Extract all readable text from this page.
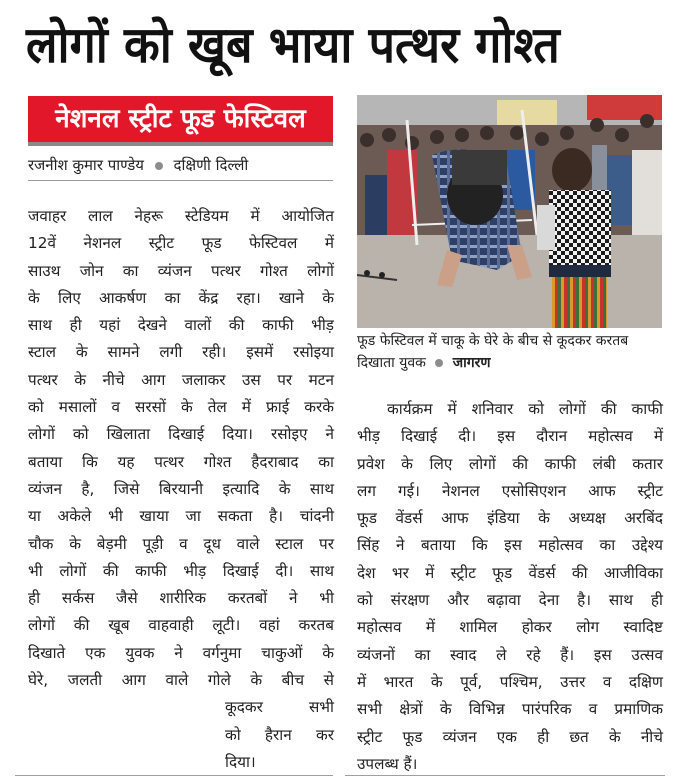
लोगों को खूब भाया पत्थर गोश्त
नेशनल स्ट्रीट फूड फेस्टिवल
रजनीश कुमार पाण्डेय दक्षिणी दिल्ली
जवाहर लाल नेहरू स्टेडियम में आयोजित
12वें नेशनल स्ट्रीट फूड फेस्टिवल में
साउथ जोन का व्यंजन पत्थर गोश्त लोगों
के लिए आकर्षण का केंद्र रहा। खाने के
साथ ही यहां देखने वालों की काफी भीड़
स्टाल के सामने लगी रही। इसमें रसोइया
पत्थर के नीचे आग जलाकर उस पर मटन
को मसालों व सरसों के तेल में फ्राई करके
लोगों को खिलाता दिखाई दिया। रसोइए ने
बताया कि यह पत्थर गोश्त हैदराबाद का
व्यंजन है, जिसे बिरयानी इत्यादि के साथ
या अकेले भी खाया जा सकता है। चांदनी
चौक के बेड़मी पूड़ी व दूध वाले स्टाल पर
भी लोगों की काफी भीड़ दिखाई दी। साथ
ही सर्कस जैसे शारीरिक करतबों ने भी
लोगों की खूब वाहवाही लूटी। वहां करतब
दिखाते एक युवक ने वर्गनुमा चाकुओं के
घेरे, जलती आग वाले गोले के बीच से
कूदकर सभी
को हैरान कर
दिया।
फूड फेस्टिवल में चाकू के घेरे के बीच से कूदकर करतब दिखाता युवक जागरण
कार्यक्रम में शनिवार को लोगों की काफी
भीड़ दिखाई दी। इस दौरान महोत्सव में
प्रवेश के लिए लोगों की काफी लंबी कतार
लग गई। नेशनल एसोसिएशन आफ स्ट्रीट
फूड वेंडर्स आफ इंडिया के अध्यक्ष अरबिंद
सिंह ने बताया कि इस महोत्सव का उद्देश्य
देश भर में स्ट्रीट फूड वेंडर्स की आजीविका
को संरक्षण और बढ़ावा देना है। साथ ही
महोत्सव में शामिल होकर लोग स्वादिष्ट
व्यंजनों का स्वाद ले रहे हैं। इस उत्सव
में भारत के पूर्व, पश्चिम, उत्तर व दक्षिण
सभी क्षेत्रों के विभिन्न पारंपरिक व प्रमाणिक
स्ट्रीट फूड व्यंजन एक ही छत के नीचे
उपलब्ध हैं।
